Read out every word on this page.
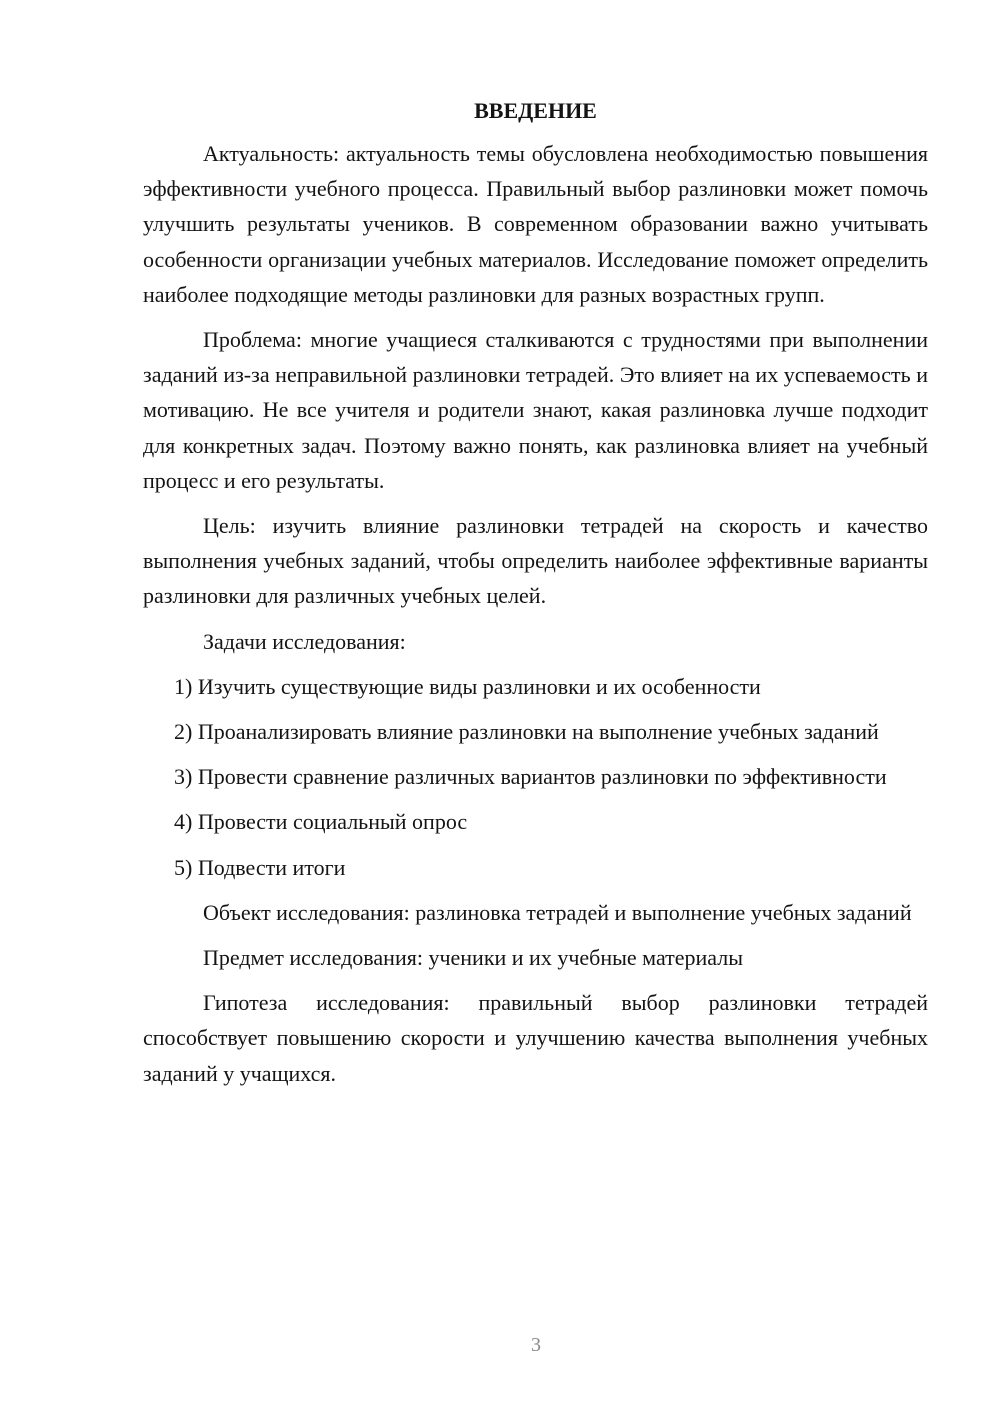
ВВЕДЕНИЕ

Актуальность: актуальность темы обусловлена необходимостью повышения эффективности учебного процесса. Правильный выбор разлиновки может помочь улучшить результаты учеников. В современном образовании важно учитывать особенности организации учебных материалов. Исследование поможет определить наиболее подходящие методы разлиновки для разных возрастных групп.

Проблема: многие учащиеся сталкиваются с трудностями при выполнении заданий из-за неправильной разлиновки тетрадей. Это влияет на их успеваемость и мотивацию. Не все учителя и родители знают, какая разлиновка лучше подходит для конкретных задач. Поэтому важно понять, как разлиновка влияет на учебный процесс и его результаты.

Цель: изучить влияние разлиновки тетрадей на скорость и качество выполнения учебных заданий, чтобы определить наиболее эффективные варианты разлиновки для различных учебных целей.

Задачи исследования:

1) Изучить существующие виды разлиновки и их особенности

2) Проанализировать влияние разлиновки на выполнение учебных заданий

3) Провести сравнение различных вариантов разлиновки по эффективности

4) Провести социальный опрос

5) Подвести итоги

Объект исследования: разлиновка тетрадей и выполнение учебных заданий

Предмет исследования: ученики и их учебные материалы

Гипотеза исследования: правильный выбор разлиновки тетрадей способствует повышению скорости и улучшению качества выполнения учебных заданий у учащихся.

3
